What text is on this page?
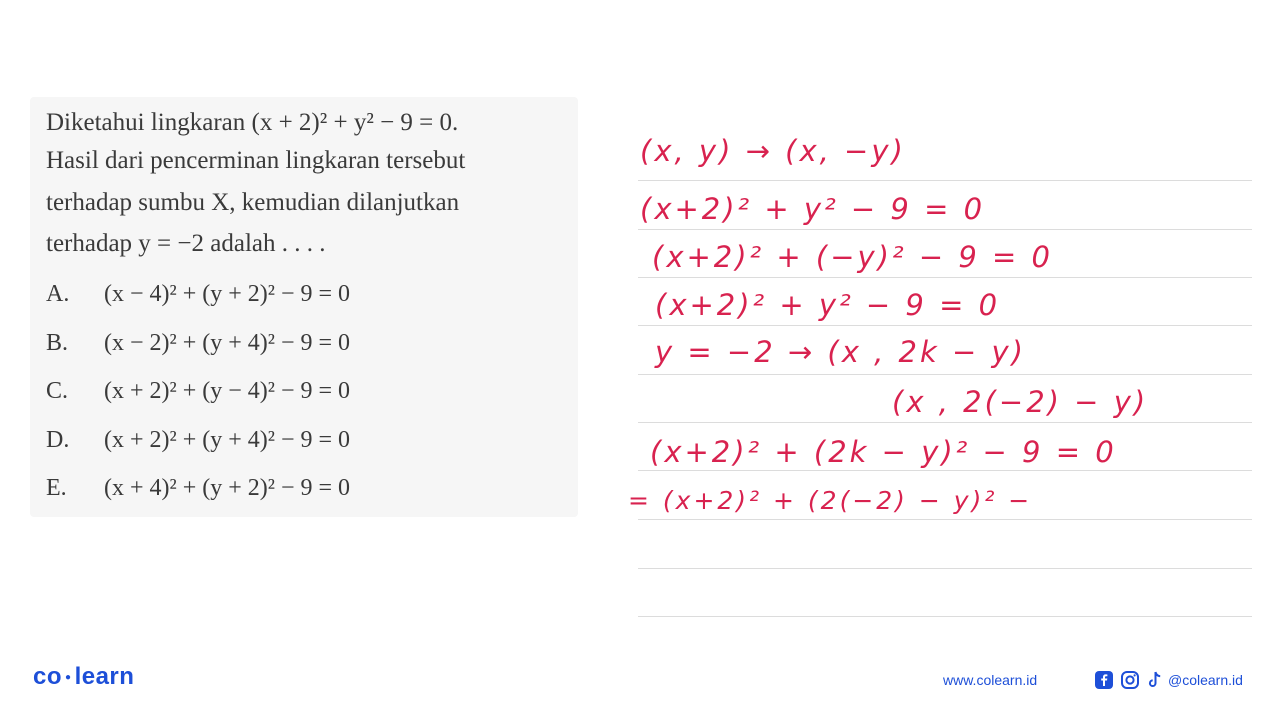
Diketahui lingkaran (x + 2)² + y² − 9 = 0.
Hasil dari pencerminan lingkaran tersebut
terhadap sumbu X, kemudian dilanjutkan
terhadap y = −2 adalah . . . .
A. (x − 4)² + (y + 2)² − 9 = 0
B. (x − 2)² + (y + 4)² − 9 = 0
C. (x + 2)² + (y − 4)² − 9 = 0
D. (x + 2)² + (y + 4)² − 9 = 0
E. (x + 4)² + (y + 2)² − 9 = 0
(x, y) → (x, −y)
(x+2)² + y² − 9 = 0
(x+2)² + (−y)² − 9 = 0
(x+2)² + y² − 9 = 0
y = −2 → (x , 2k − y)
(x , 2(−2) − y)
(x+2)² + (2k − y)² − 9 = 0
= (x+2)² + (2(−2) − y)² −
co ● learn	www.colearn.id	@colearn.id
